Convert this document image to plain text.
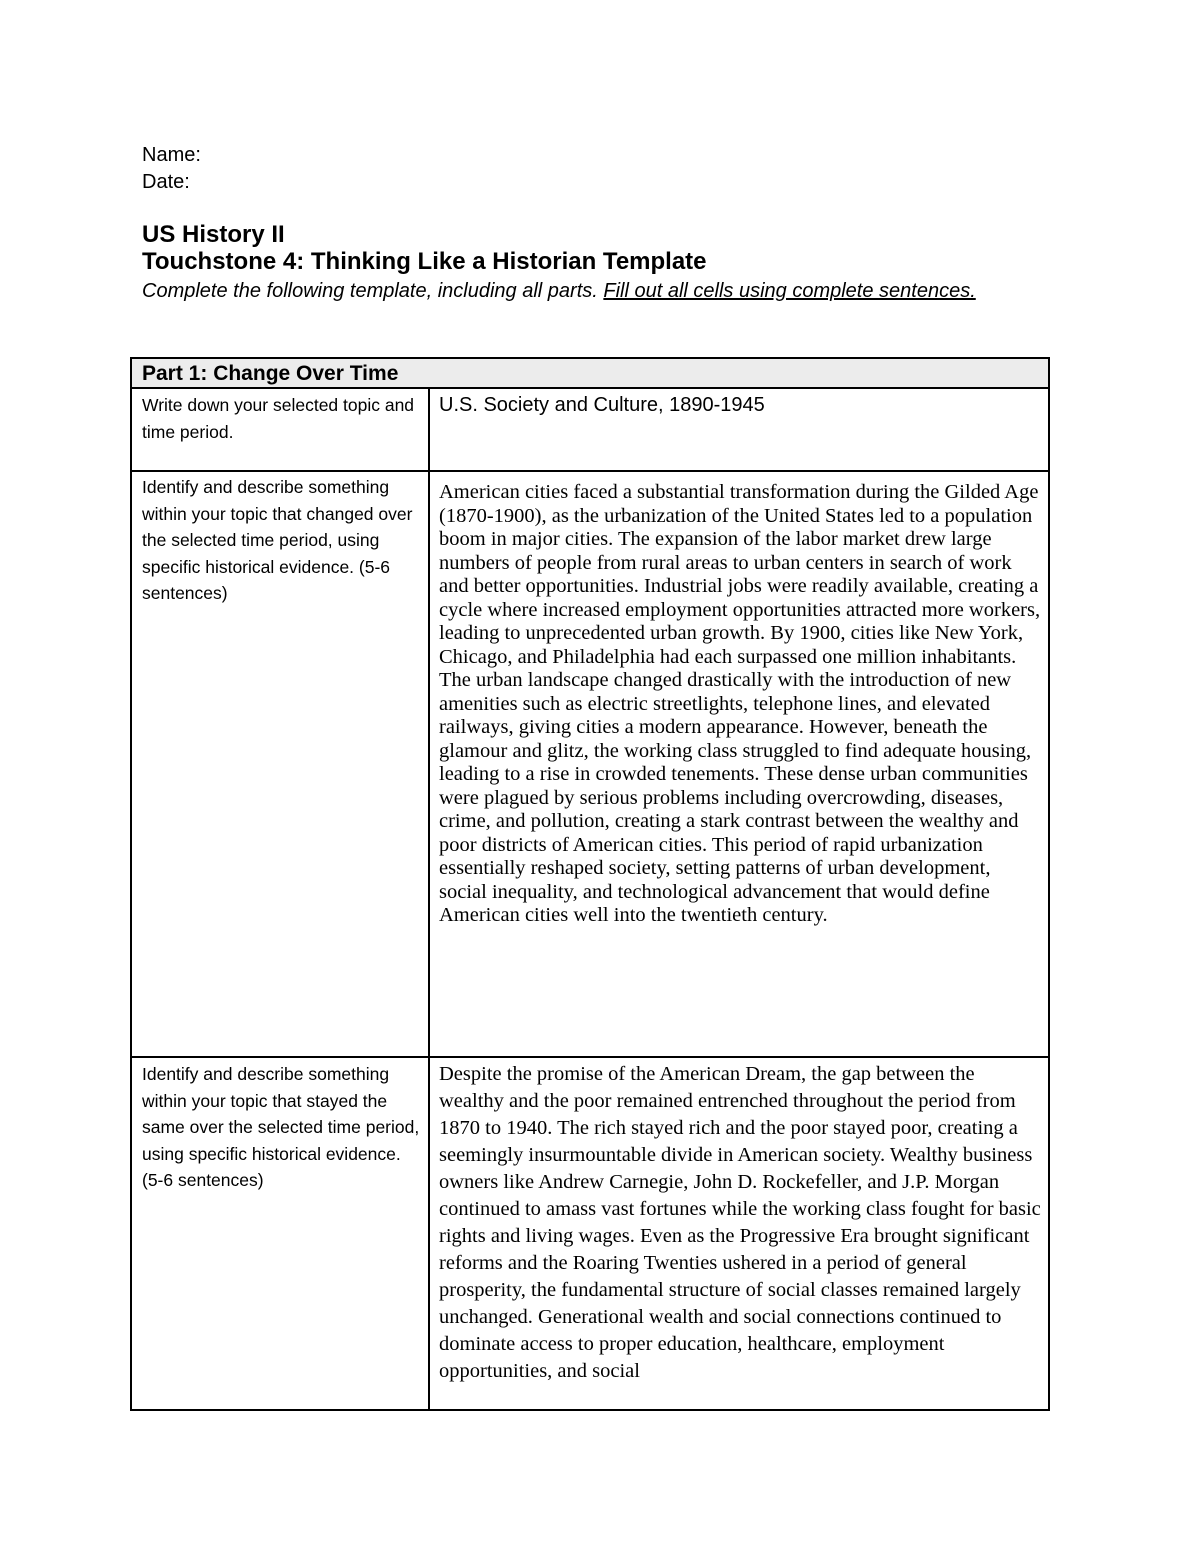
Name:
Date:
US History II
Touchstone 4: Thinking Like a Historian Template
Complete the following template, including all parts. Fill out all cells using complete sentences.
Part 1: Change Over Time
Write down your selected topic and time period.
U.S. Society and Culture, 1890-1945
Identify and describe something within your topic that changed over the selected time period, using specific historical evidence. (5-6 sentences)
American cities faced a substantial transformation during the Gilded Age (1870-1900), as the urbanization of the United States led to a population boom in major cities. The expansion of the labor market drew large numbers of people from rural areas to urban centers in search of work and better opportunities. Industrial jobs were readily available, creating a cycle where increased employment opportunities attracted more workers, leading to unprecedented urban growth. By 1900, cities like New York, Chicago, and Philadelphia had each surpassed one million inhabitants. The urban landscape changed drastically with the introduction of new amenities such as electric streetlights, telephone lines, and elevated railways, giving cities a modern appearance. However, beneath the glamour and glitz, the working class struggled to find adequate housing, leading to a rise in crowded tenements. These dense urban communities were plagued by serious problems including overcrowding, diseases, crime, and pollution, creating a stark contrast between the wealthy and poor districts of American cities. This period of rapid urbanization essentially reshaped society, setting patterns of urban development, social inequality, and technological advancement that would define American cities well into the twentieth century.
Identify and describe something within your topic that stayed the same over the selected time period, using specific historical evidence. (5-6 sentences)
Despite the promise of the American Dream, the gap between the wealthy and the poor remained entrenched throughout the period from 1870 to 1940. The rich stayed rich and the poor stayed poor, creating a seemingly insurmountable divide in American society. Wealthy business owners like Andrew Carnegie, John D. Rockefeller, and J.P. Morgan continued to amass vast fortunes while the working class fought for basic rights and living wages. Even as the Progressive Era brought significant reforms and the Roaring Twenties ushered in a period of general prosperity, the fundamental structure of social classes remained largely unchanged. Generational wealth and social connections continued to dominate access to proper education, healthcare, employment opportunities, and social
